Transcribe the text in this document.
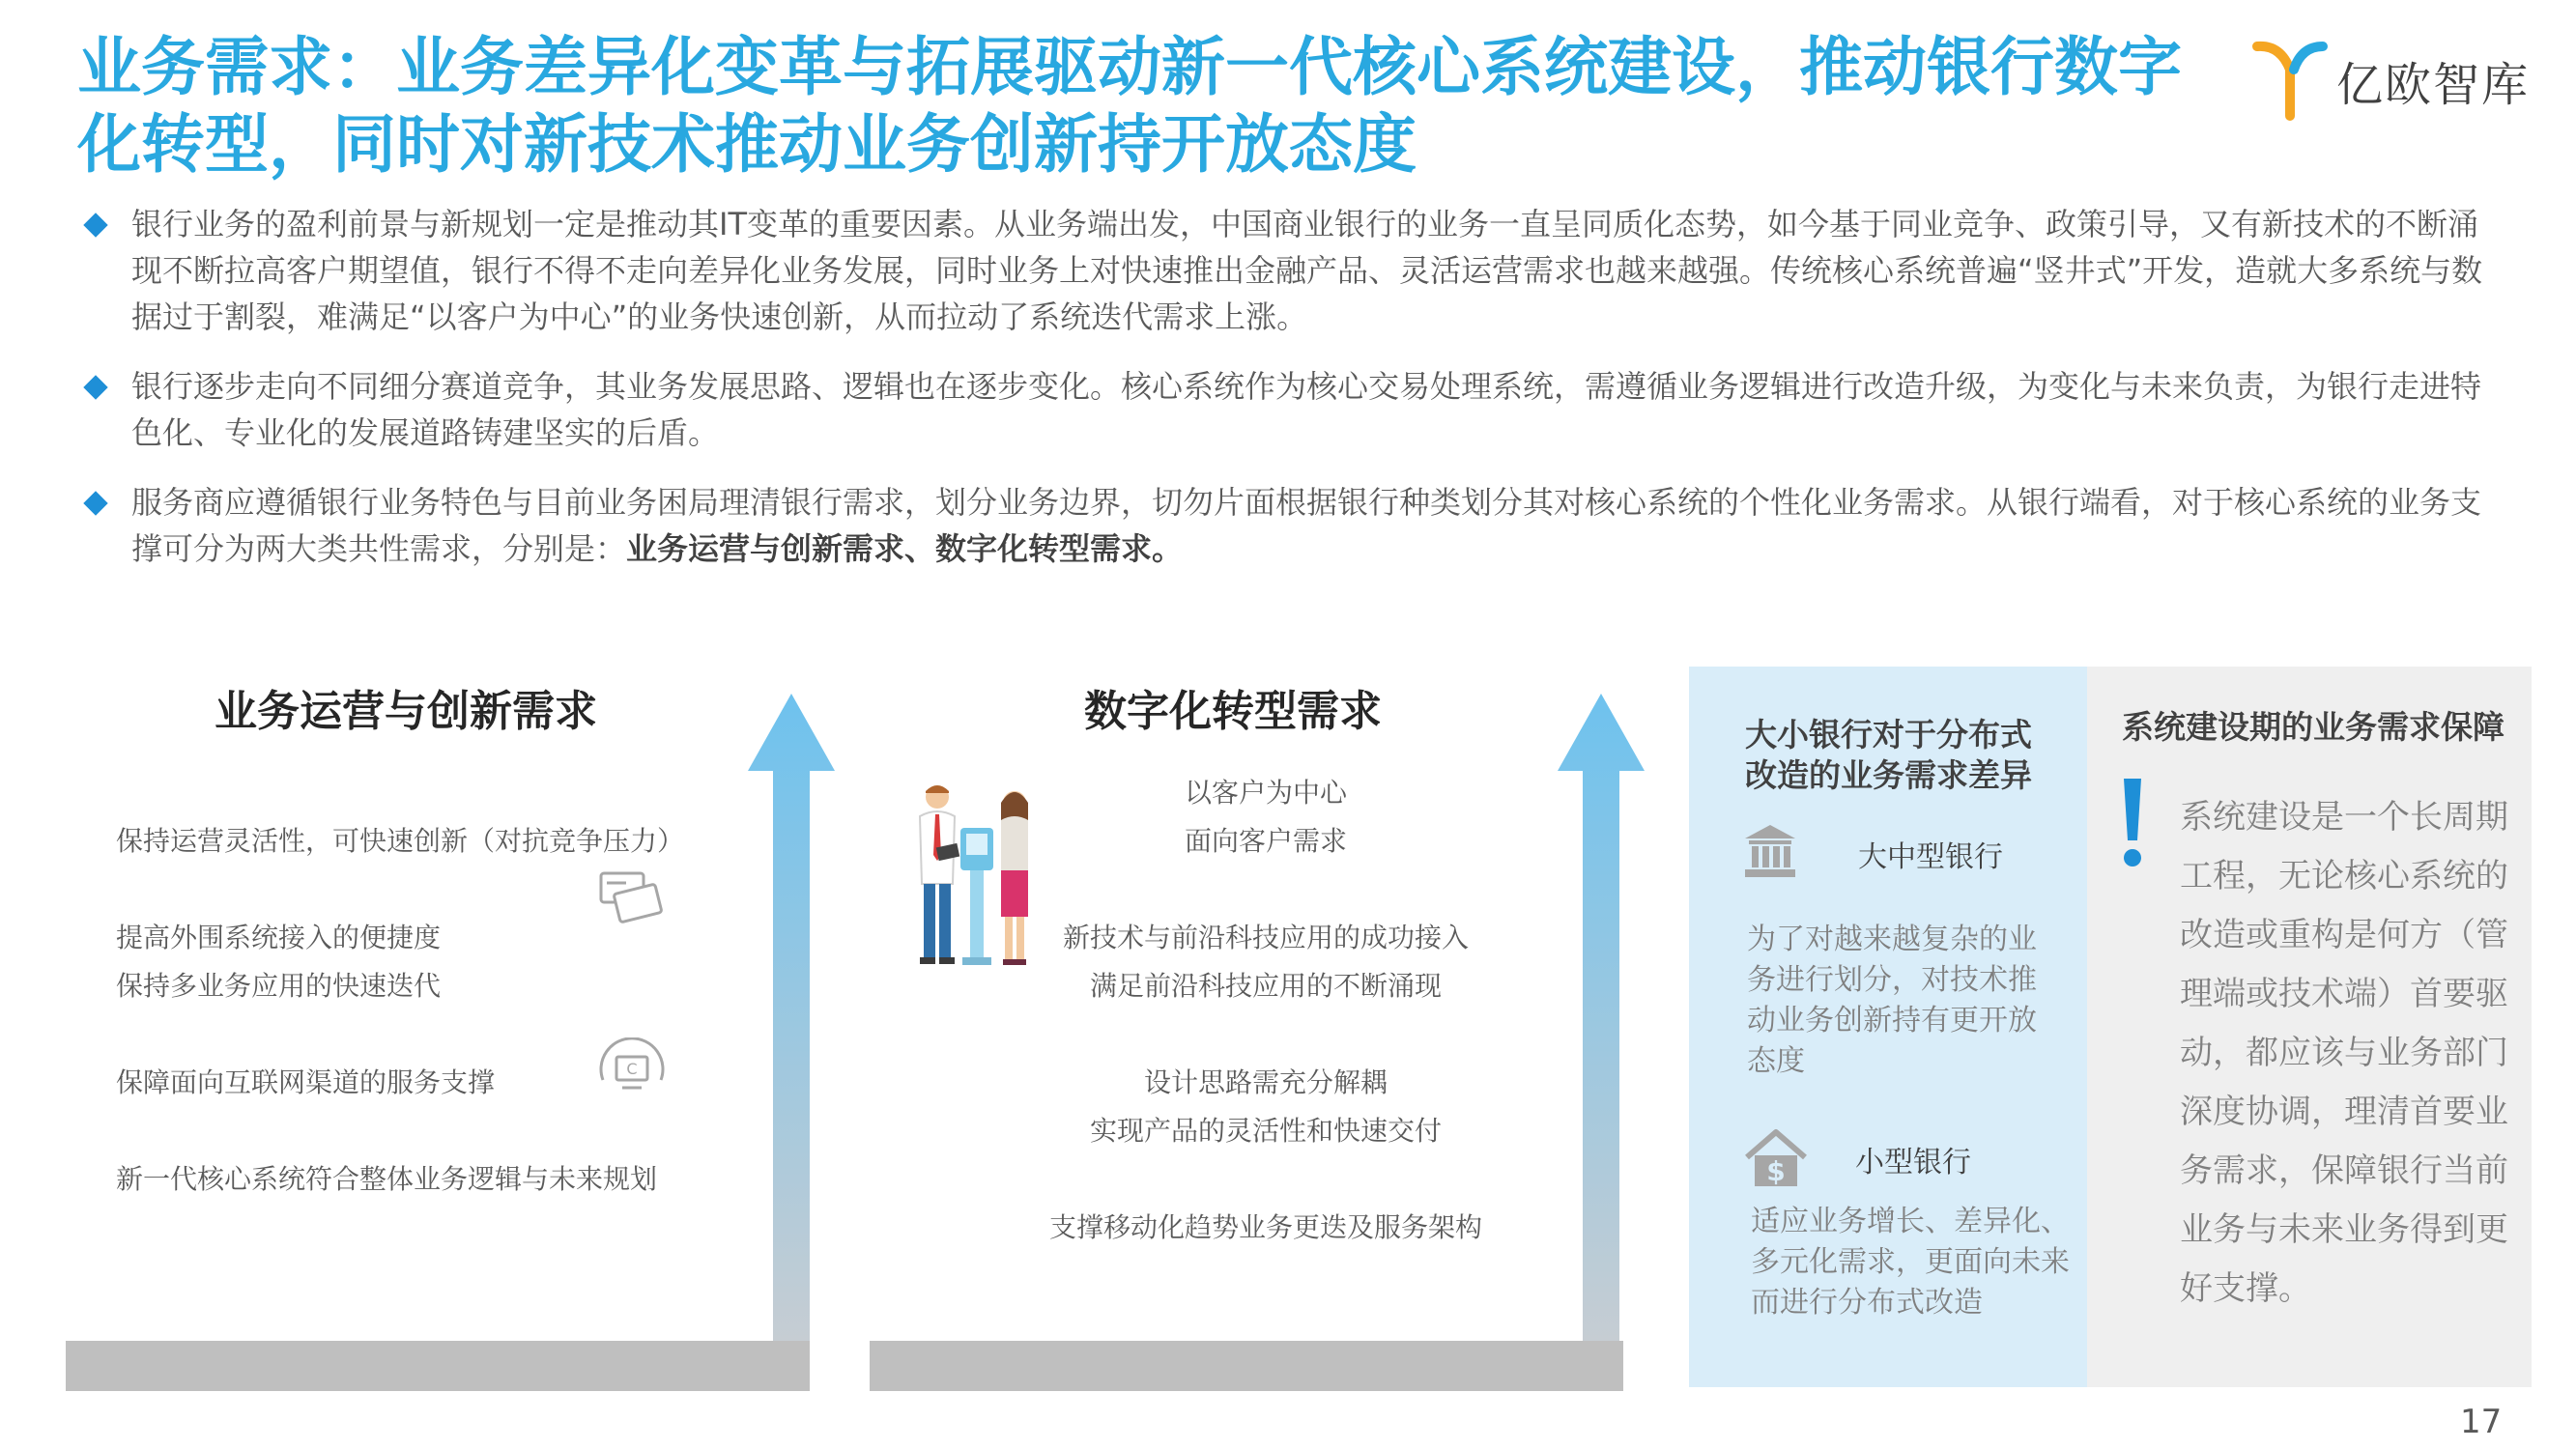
业务需求：业务差异化变革与拓展驱动新一代核心系统建设，推动银行数字化转型，同时对新技术推动业务创新持开放态度
亿欧智库
银行业务的盈利前景与新规划一定是推动其IT变革的重要因素。从业务端出发，中国商业银行的业务一直呈同质化态势，如今基于同业竞争、政策引导，又有新技术的不断涌现不断拉高客户期望值，银行不得不走向差异化业务发展，同时业务上对快速推出金融产品、灵活运营需求也越来越强。传统核心系统普遍“竖井式”开发，造就大多系统与数据过于割裂，难满足“以客户为中心”的业务快速创新，从而拉动了系统迭代需求上涨。
银行逐步走向不同细分赛道竞争，其业务发展思路、逻辑也在逐步变化。核心系统作为核心交易处理系统，需遵循业务逻辑进行改造升级，为变化与未来负责，为银行走进特色化、专业化的发展道路铸建坚实的后盾。
服务商应遵循银行业务特色与目前业务困局理清银行需求，划分业务边界，切勿片面根据银行种类划分其对核心系统的个性化业务需求。从银行端看，对于核心系统的业务支撑可分为两大类共性需求，分别是：业务运营与创新需求、数字化转型需求。
业务运营与创新需求
保持运营灵活性，可快速创新（对抗竞争压力）
提高外围系统接入的便捷度
保持多业务应用的快速迭代
保障面向互联网渠道的服务支撑
新一代核心系统符合整体业务逻辑与未来规划
C
数字化转型需求
以客户为中心
面向客户需求
新技术与前沿科技应用的成功接入
满足前沿科技应用的不断涌现
设计思路需充分解耦
实现产品的灵活性和快速交付
支撑移动化趋势业务更迭及服务架构
大小银行对于分布式改造的业务需求差异
大中型银行
为了对越来越复杂的业务进行划分，对技术推动业务创新持有更开放态度
$ 小型银行
适应业务增长、差异化、多元化需求，更面向未来而进行分布式改造
系统建设期的业务需求保障
系统建设是一个长周期工程，无论核心系统的改造或重构是何方（管理端或技术端）首要驱动，都应该与业务部门深度协调，理清首要业务需求，保障银行当前业务与未来业务得到更好支撑。
17
